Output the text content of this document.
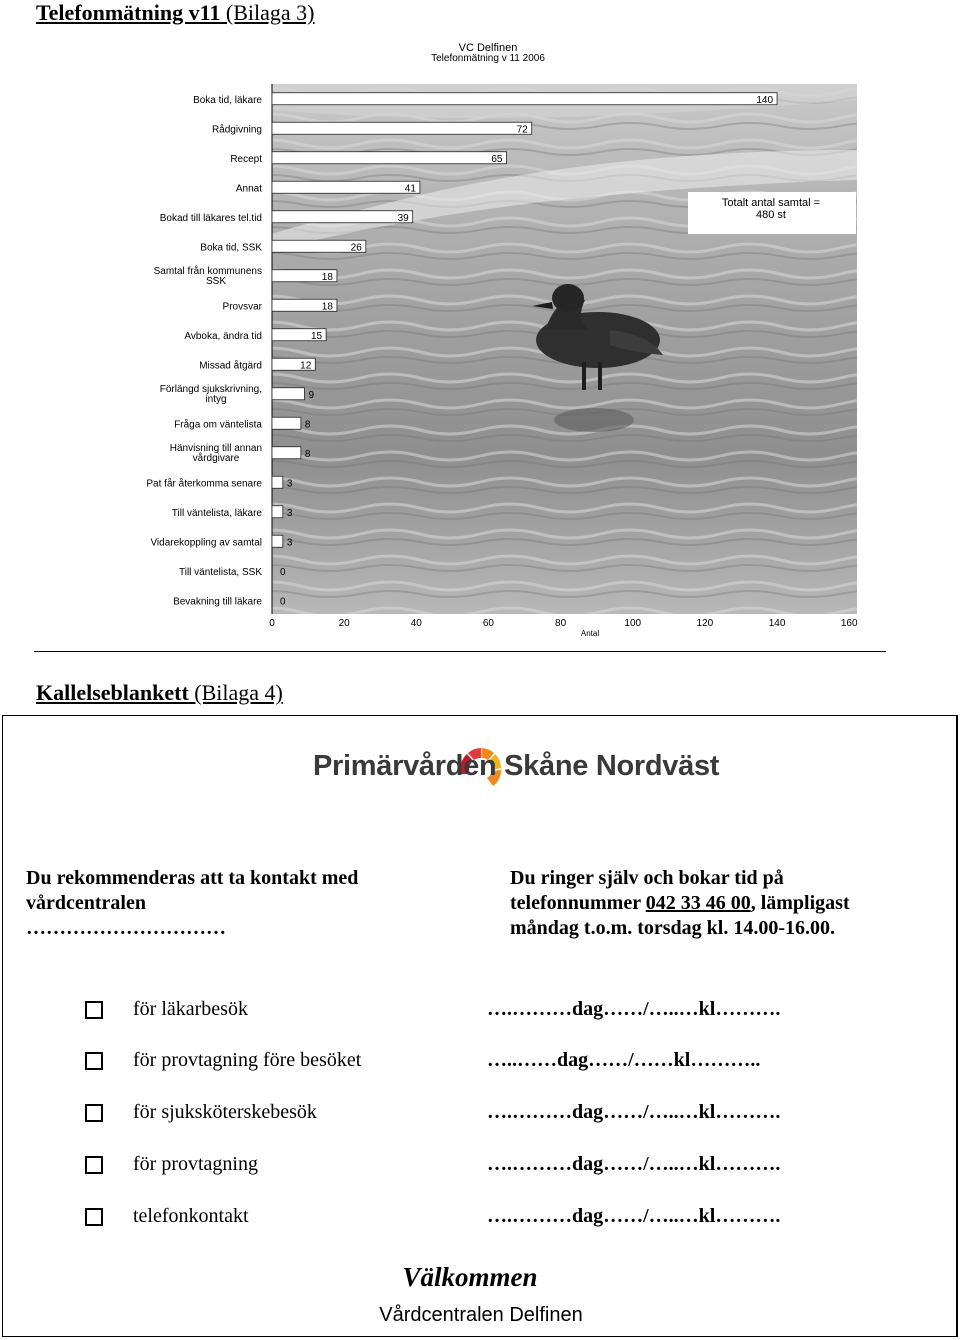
Telefonmätning v11 (Bilaga 3)
VC Delfinen
Telefonmätning v 11 2006
140
72
65
41
39
26
18
18
15
12
9
8
8
3
3
3
0
0
Boka tid, läkare
Rådgivning
Recept
Annat
Bokad till läkares tel.tid
Boka tid, SSK
Samtal från kommunens
SSK
Provsvar
Avboka, ändra tid
Missad åtgärd
Förlängd sjukskrivning,
intyg
Fråga om väntelista
Hänvisning till annan
vårdgivare
Pat får återkomma senare
Till väntelista, läkare
Vidarekoppling av samtal
Till väntelista, SSK
Bevakning till läkare
0	20	40	60	80	100	120	140	160
Antal
Totalt antal samtal =
480 st
Kallelseblankett (Bilaga 4)
Primärvården Skåne Nordväst
Du rekommenderas att ta kontakt med
vårdcentralen
…………………………
Du ringer själv och bokar tid på
telefonnummer 042 33 46 00, lämpligast
måndag t.o.m. torsdag kl. 14.00-16.00.
för läkarbesök	….………dag……/…..…kl……….
för provtagning före besöket	…..……dag……/……kl………..
för sjuksköterskebesök	….………dag……/…..…kl……….
för provtagning	….………dag……/…..…kl……….
telefonkontakt	….………dag……/…..…kl……….
Välkommen
Vårdcentralen Delfinen
